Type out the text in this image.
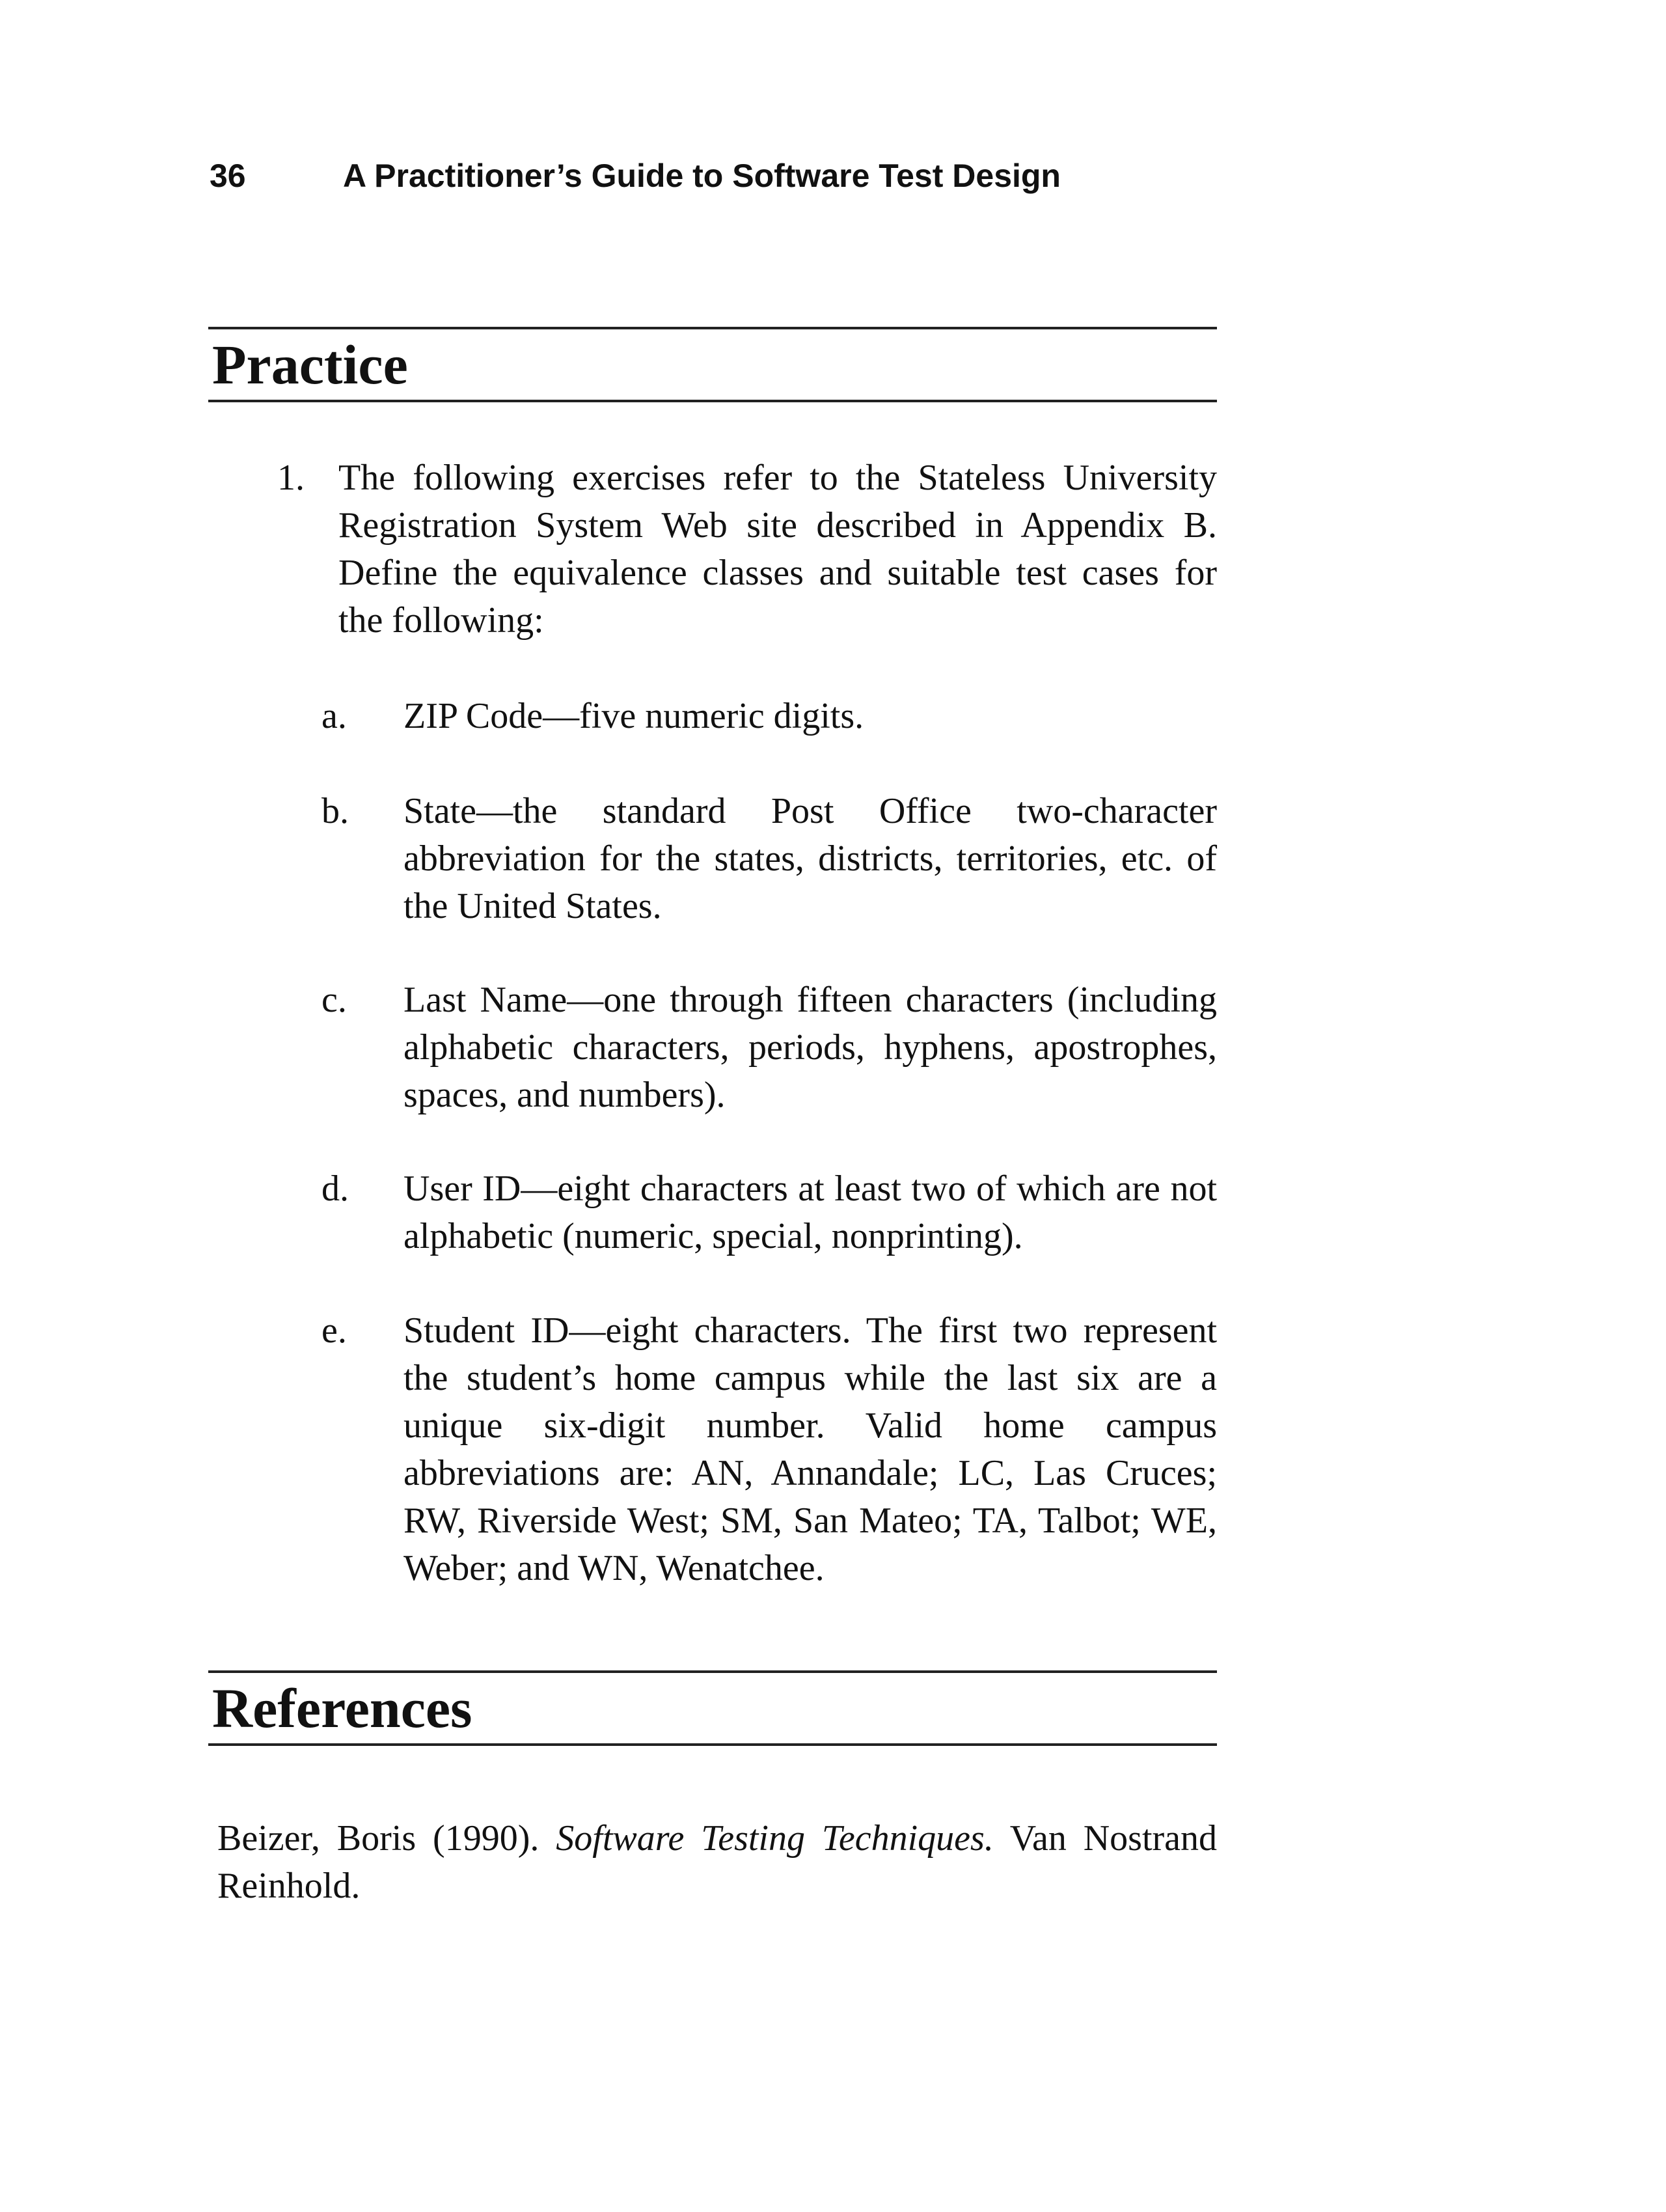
36	A Practitioner’s Guide to Software Test Design
Practice
1. The following exercises refer to the Stateless University Registration System Web site described in Appendix B. Define the equivalence classes and suitable test cases for the following:
a. ZIP Code—five numeric digits.
b. State—the standard Post Office two-character abbreviation for the states, districts, territories, etc. of the United States.
c. Last Name—one through fifteen characters (including alphabetic characters, periods, hyphens, apostrophes, spaces, and numbers).
d. User ID—eight characters at least two of which are not alphabetic (numeric, special, nonprinting).
e. Student ID—eight characters. The first two represent the student’s home campus while the last six are a unique six-digit number. Valid home campus abbreviations are: AN, Annandale; LC, Las Cruces; RW, Riverside West; SM, San Mateo; TA, Talbot; WE, Weber; and WN, Wenatchee.
References
Beizer, Boris (1990). Software Testing Techniques. Van Nostrand Reinhold.
